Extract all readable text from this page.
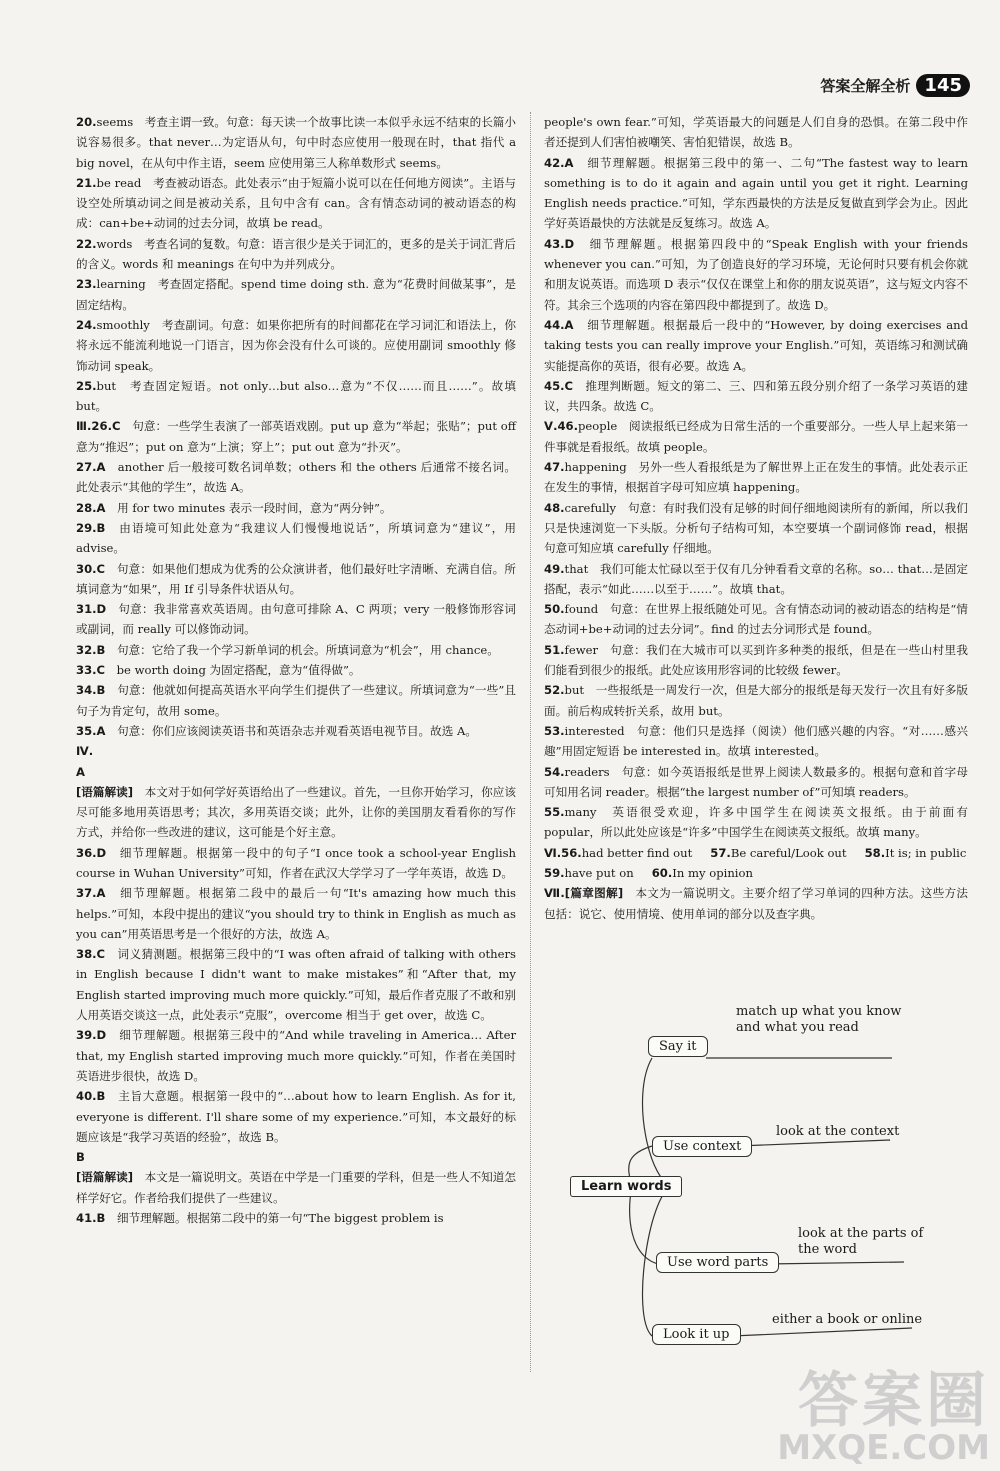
答案全解全析 145

20.seems　考查主谓一致。句意：每天读一个故事比读一本似乎永远不结束的长篇小说容易很多。that never…为定语从句，句中时态应使用一般现在时，that 指代 a big novel，在从句中作主语，seem 应使用第三人称单数形式 seems。

21.be read　考查被动语态。此处表示“由于短篇小说可以在任何地方阅读”。主语与设空处所填动词之间是被动关系，且句中含有 can。含有情态动词的被动语态的构成：can+be+动词的过去分词，故填 be read。

22.words　考查名词的复数。句意：语言很少是关于词汇的，更多的是关于词汇背后的含义。words 和 meanings 在句中为并列成分。

23.learning　考查固定搭配。spend time doing sth. 意为“花费时间做某事”，是固定结构。

24.smoothly　考查副词。句意：如果你把所有的时间都花在学习词汇和语法上，你将永远不能流利地说一门语言，因为你会没有什么可谈的。应使用副词 smoothly 修饰动词 speak。

25.but　考查固定短语。not only…but also…意为“不仅……而且……”。故填 but。

Ⅲ.26.C　句意：一些学生表演了一部英语戏剧。put up 意为“举起；张贴”；put off 意为“推迟”；put on 意为“上演；穿上”；put out 意为“扑灭”。

27.A　another 后一般接可数名词单数；others 和 the others 后通常不接名词。此处表示“其他的学生”，故选 A。

28.A　用 for two minutes 表示一段时间，意为“两分钟”。

29.B　由语境可知此处意为“我建议人们慢慢地说话”，所填词意为“建议”，用 advise。

30.C　句意：如果他们想成为优秀的公众演讲者，他们最好吐字清晰、充满自信。所填词意为“如果”，用 If 引导条件状语从句。

31.D　句意：我非常喜欢英语周。由句意可排除 A、C 两项；very 一般修饰形容词或副词，而 really 可以修饰动词。

32.B　句意：它给了我一个学习新单词的机会。所填词意为“机会”，用 chance。

33.C　be worth doing 为固定搭配，意为“值得做”。

34.B　句意：他就如何提高英语水平向学生们提供了一些建议。所填词意为“一些”且句子为肯定句，故用 some。

35.A　句意：你们应该阅读英语书和英语杂志并观看英语电视节目。故选 A。

Ⅳ.

A

[语篇解读]　本文对于如何学好英语给出了一些建议。首先，一旦你开始学习，你应该尽可能多地用英语思考；其次，多用英语交谈；此外，让你的美国朋友看看你的写作方式，并给你一些改进的建议，这可能是个好主意。

36.D　细节理解题。根据第一段中的句子“I once took a school-year English course in Wuhan University”可知，作者在武汉大学学习了一学年英语，故选 D。

37.A　细节理解题。根据第二段中的最后一句“It's amazing how much this helps.”可知，本段中提出的建议“you should try to think in English as much as you can”用英语思考是一个很好的方法，故选 A。

38.C　词义猜测题。根据第三段中的“I was often afraid of talking with others in English because I didn't want to make mistakes”和“After that, my English started improving much more quickly.”可知，最后作者克服了不敢和别人用英语交谈这一点，此处表示“克服”，overcome 相当于 get over，故选 C。

39.D　细节理解题。根据第三段中的“And while traveling in America… After that, my English started improving much more quickly.”可知，作者在美国时英语进步很快，故选 D。

40.B　主旨大意题。根据第一段中的“…about how to learn English. As for it, everyone is different. I'll share some of my experience.”可知，本文最好的标题应该是“我学习英语的经验”，故选 B。

B

[语篇解读]　本文是一篇说明文。英语在中学是一门重要的学科，但是一些人不知道怎样学好它。作者给我们提供了一些建议。

41.B　细节理解题。根据第二段中的第一句“The biggest problem is

people's own fear.”可知，学英语最大的问题是人们自身的恐惧。在第二段中作者还提到人们害怕被嘲笑、害怕犯错误，故选 B。

42.A　细节理解题。根据第三段中的第一、二句“The fastest way to learn something is to do it again and again until you get it right. Learning English needs practice.”可知，学东西最快的方法是反复做直到学会为止。因此学好英语最快的方法就是反复练习。故选 A。

43.D　细节理解题。根据第四段中的“Speak English with your friends whenever you can.”可知，为了创造良好的学习环境，无论何时只要有机会你就和朋友说英语。而选项 D 表示“仅仅在课堂上和你的朋友说英语”，这与短文内容不符。其余三个选项的内容在第四段中都提到了。故选 D。

44.A　细节理解题。根据最后一段中的“However, by doing exercises and taking tests you can really improve your English.”可知，英语练习和测试确实能提高你的英语，很有必要。故选 A。

45.C　推理判断题。短文的第二、三、四和第五段分别介绍了一条学习英语的建议，共四条。故选 C。

Ⅴ.46.people　阅读报纸已经成为日常生活的一个重要部分。一些人早上起来第一件事就是看报纸。故填 people。

47.happening　另外一些人看报纸是为了解世界上正在发生的事情。此处表示正在发生的事情，根据首字母可知应填 happening。

48.carefully　句意：有时我们没有足够的时间仔细地阅读所有的新闻，所以我们只是快速浏览一下头版。分析句子结构可知，本空要填一个副词修饰 read，根据句意可知应填 carefully 仔细地。

49.that　我们可能太忙碌以至于仅有几分钟看看文章的名称。so… that…是固定搭配，表示“如此……以至于……”。故填 that。

50.found　句意：在世界上报纸随处可见。含有情态动词的被动语态的结构是“情态动词+be+动词的过去分词”。find 的过去分词形式是 found。

51.fewer　句意：我们在大城市可以买到许多种类的报纸，但是在一些山村里我们能看到很少的报纸。此处应该用形容词的比较级 fewer。

52.but　一些报纸是一周发行一次，但是大部分的报纸是每天发行一次且有好多版面。前后构成转折关系，故用 but。

53.interested　句意：他们只是选择（阅读）他们感兴趣的内容。“对……感兴趣”用固定短语 be interested in。故填 interested。

54.readers　句意：如今英语报纸是世界上阅读人数最多的。根据句意和首字母可知用名词 reader。根据“the largest number of”可知填 readers。

55.many　英语很受欢迎，许多中国学生在阅读英文报纸。由于前面有 popular，所以此处应该是“许多”中国学生在阅读英文报纸。故填 many。

Ⅵ.56.had better find out 57.Be careful/Look out 58.It is; in public

59.have put on 60.In my opinion

Ⅶ.[篇章图解]　本文为一篇说明文。主要介绍了学习单词的四种方法。这些方法包括：说它、使用情境、使用单词的部分以及查字典。

Learn words
Say it
Use context
Use word parts
Look it up
match up what you know and what you read
look at the context
look at the parts of the word
either a book or online
答案圈
MXQE.COM
